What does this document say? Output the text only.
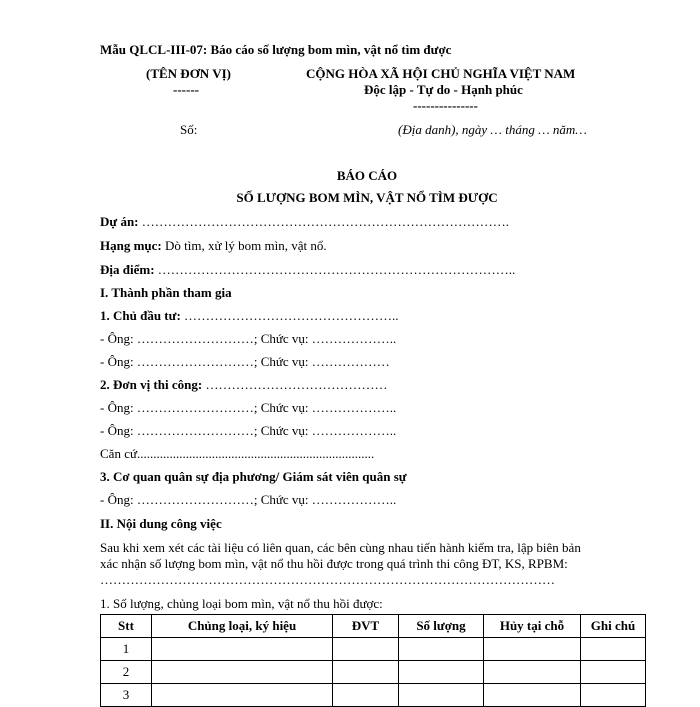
Mẫu QLCL-III-07: Báo cáo số lượng bom mìn, vật nổ tìm được
(TÊN ĐƠN VỊ)
------
CỘNG HÒA XÃ HỘI CHỦ NGHĨA VIỆT NAM
Độc lập - Tự do - Hạnh phúc
---------------
Số:	(Địa danh), ngày … tháng … năm…
BÁO CÁO
SỐ LƯỢNG BOM MÌN, VẬT NỔ TÌM ĐƯỢC
Dự án: ………………………………………………………………………….
Hạng mục: Dò tìm, xử lý bom mìn, vật nổ.
Địa điểm: ………………………………………………………………………..
I. Thành phần tham gia
1. Chủ đầu tư: …………………………………………..
- Ông: ………………………; Chức vụ: ………………..
- Ông: ………………………; Chức vụ: ………………
2. Đơn vị thi công: ……………………………………
- Ông: ………………………; Chức vụ: ………………..
- Ông: ………………………; Chức vụ: ………………..
Căn cứ.........................................................................
3. Cơ quan quân sự địa phương/ Giám sát viên quân sự
- Ông: ………………………; Chức vụ: ………………..
II. Nội dung công việc
Sau khi xem xét các tài liệu có liên quan, các bên cùng nhau tiến hành kiểm tra, lập biên bản
xác nhận số lượng bom mìn, vật nổ thu hồi được trong quá trình thi công ĐT, KS, RPBM:
……………………………………………………………………………………………
1. Số lượng, chủng loại bom mìn, vật nổ thu hồi được:
Stt	Chủng loại, ký hiệu	ĐVT	Số lượng	Hủy tại chỗ	Ghi chú
1					
2					
3					
